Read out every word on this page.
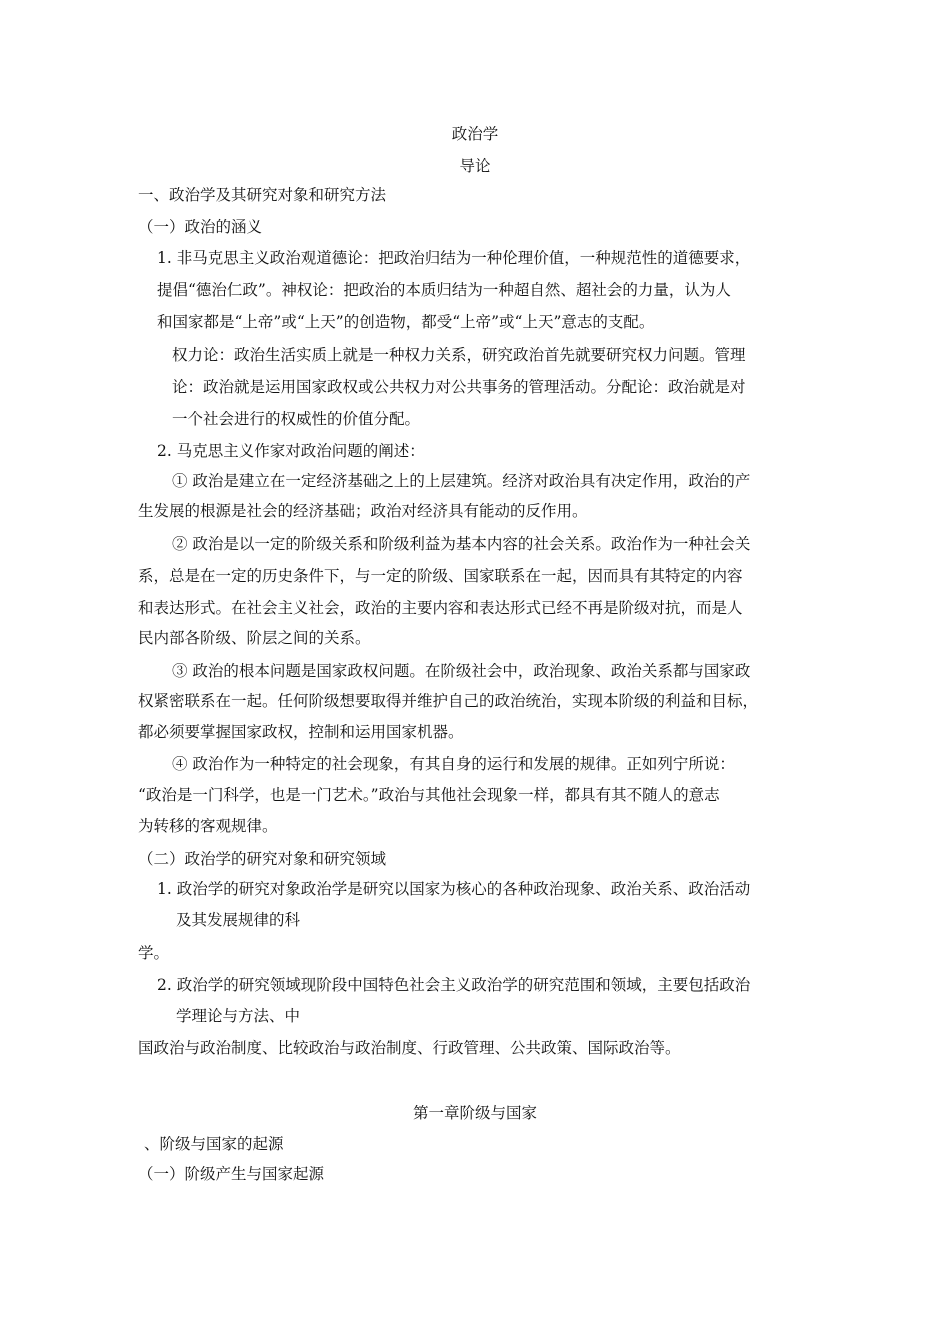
政治学
导论
一、政治学及其研究对象和研究方法
（一）政治的涵义
1. 非马克思主义政治观道德论：把政治归结为一种伦理价值，一种规范性的道德要求，
提倡“德治仁政”。神权论：把政治的本质归结为一种超自然、超社会的力量，认为人
和国家都是“上帝”或“上天”的创造物，都受“上帝”或“上天”意志的支配。
权力论：政治生活实质上就是一种权力关系，研究政治首先就要研究权力问题。管理
论：政治就是运用国家政权或公共权力对公共事务的管理活动。分配论：政治就是对
一个社会进行的权威性的价值分配。
2. 马克思主义作家对政治问题的阐述：
① 政治是建立在一定经济基础之上的上层建筑。经济对政治具有决定作用，政治的产
生发展的根源是社会的经济基础；政治对经济具有能动的反作用。
② 政治是以一定的阶级关系和阶级利益为基本内容的社会关系。政治作为一种社会关
系，总是在一定的历史条件下，与一定的阶级、国家联系在一起，因而具有其特定的内容
和表达形式。在社会主义社会，政治的主要内容和表达形式已经不再是阶级对抗，而是人
民内部各阶级、阶层之间的关系。
③ 政治的根本问题是国家政权问题。在阶级社会中，政治现象、政治关系都与国家政
权紧密联系在一起。任何阶级想要取得并维护自己的政治统治，实现本阶级的利益和目标，
都必须要掌握国家政权，控制和运用国家机器。
④ 政治作为一种特定的社会现象，有其自身的运行和发展的规律。正如列宁所说：
“政治是一门科学，也是一门艺术。”政治与其他社会现象一样，都具有其不随人的意志
为转移的客观规律。
（二）政治学的研究对象和研究领域
1. 政治学的研究对象政治学是研究以国家为核心的各种政治现象、政治关系、政治活动
及其发展规律的科
学。
2. 政治学的研究领域现阶段中国特色社会主义政治学的研究范围和领域，主要包括政治
学理论与方法、中
国政治与政治制度、比较政治与政治制度、行政管理、公共政策、国际政治等。
第一章阶级与国家
、阶级与国家的起源
（一）阶级产生与国家起源
